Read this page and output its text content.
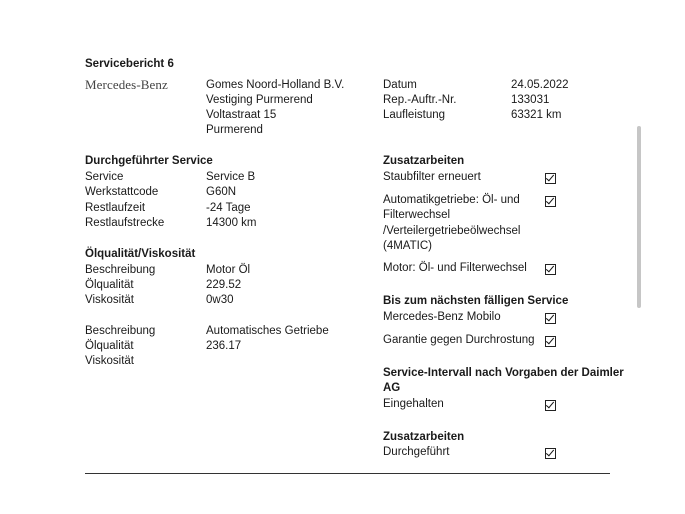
Servicebericht 6
Mercedes-Benz	Gomes Noord-Holland B.V.
Vestiging Purmerend
Voltastraat 15
Purmerend
Datum	24.05.2022
Rep.-Auftr.-Nr.	133031
Laufleistung	63321 km
Durchgeführter Service
Service	Service B
Werkstattcode	G60N
Restlaufzeit	-24 Tage
Restlaufstrecke	14300 km
Ölqualität/Viskosität
Beschreibung	Motor Öl
Ölqualität	229.52
Viskosität	0w30
Beschreibung	Automatisches Getriebe
Ölqualität	236.17
Viskosität
Zusatzarbeiten
Staubfilter erneuert
Automatikgetriebe: Öl- und
Filterwechsel
/Verteilergetriebeölwechsel
(4MATIC)
Motor: Öl- und Filterwechsel
Bis zum nächsten fälligen Service
Mercedes-Benz Mobilo
Garantie gegen Durchrostung
Service-Intervall nach Vorgaben der Daimler
AG
Eingehalten
Zusatzarbeiten
Durchgeführt
